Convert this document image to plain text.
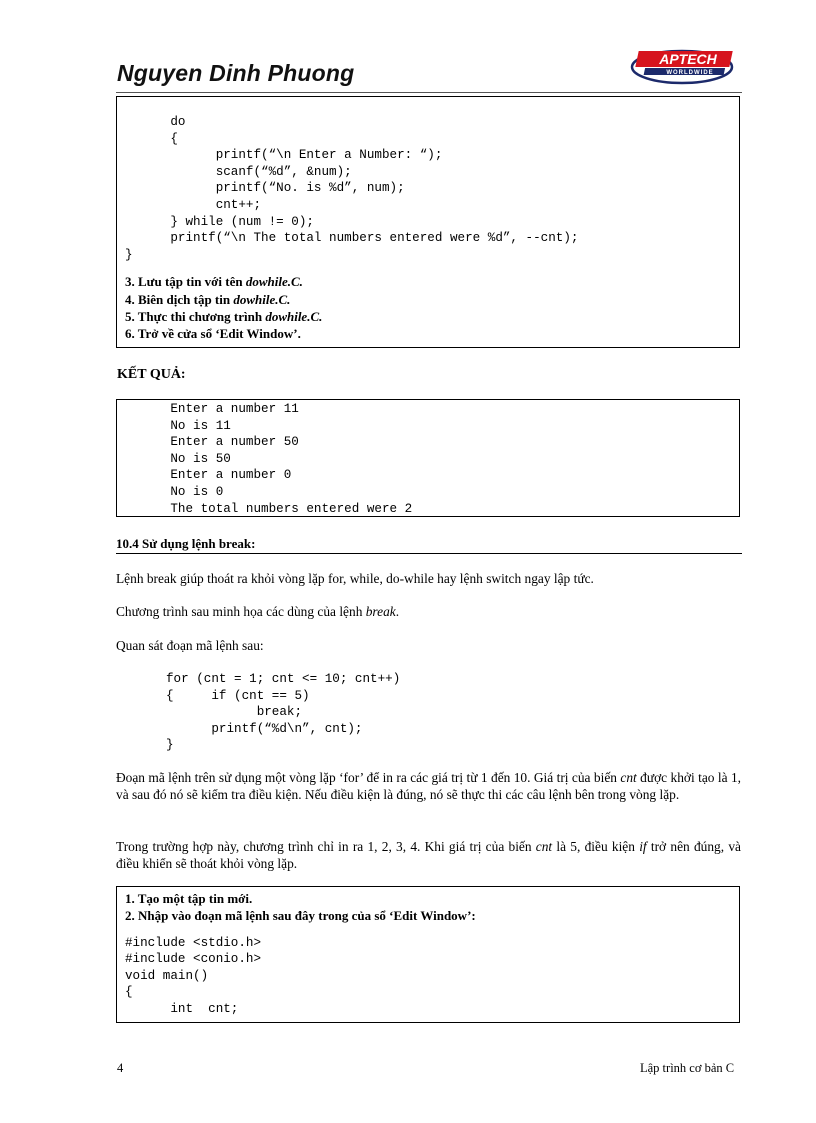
Nguyen Dinh Phuong
APTECH
WORLDWIDE
do
{
printf(“\n Enter a Number: “);
scanf(“%d”, &num);
printf(“No. is %d”, num);
cnt++;
} while (num != 0);
printf(“\n The total numbers entered were %d”, --cnt);
}
3. Lưu tập tin với tên dowhile.C.
4. Biên dịch tập tin dowhile.C.
5. Thực thi chương trình dowhile.C.
6. Trở về cửa sổ ‘Edit Window’.
KẾT QUẢ:
Enter a number 11
No is 11
Enter a number 50
No is 50
Enter a number 0
No is 0
The total numbers entered were 2
10.4 Sử dụng lệnh break:

Lệnh break giúp thoát ra khỏi vòng lặp for, while, do-while hay lệnh switch ngay lập tức.

Chương trình sau minh họa các dùng của lệnh break.

Quan sát đoạn mã lệnh sau:

for (cnt = 1; cnt <= 10; cnt++)
{     if (cnt == 5)
break;
printf(“%d\n”, cnt);
}

Đoạn mã lệnh trên sử dụng một vòng lặp ‘for’ để in ra các giá trị từ 1 đến 10. Giá trị của biến cnt được khởi tạo là 1, và sau đó nó sẽ kiểm tra điều kiện. Nếu điều kiện là đúng, nó sẽ thực thi các câu lệnh bên trong vòng lặp.

Trong trường hợp này, chương trình chỉ in ra 1, 2, 3, 4. Khi giá trị của biến cnt là 5, điều kiện if trở nên đúng, và điều khiển sẽ thoát khỏi vòng lặp.

1. Tạo một tập tin mới.
2. Nhập vào đoạn mã lệnh sau đây trong của sổ ‘Edit Window’:
#include <stdio.h>
#include <conio.h>
void main()
{
int  cnt;
4	Lập trình cơ bản C
